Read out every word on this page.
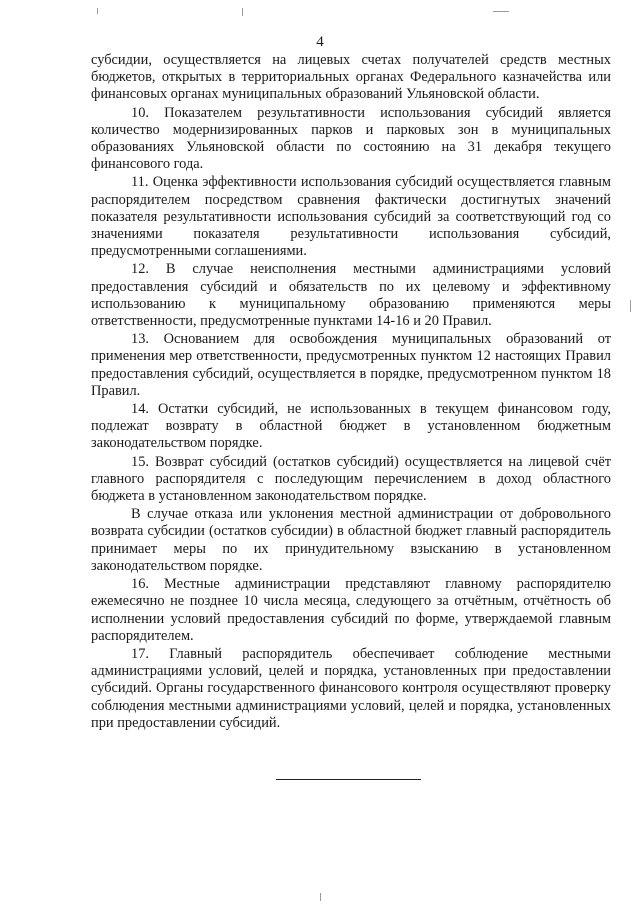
4

субсидии, осуществляется на лицевых счетах получателей средств местных бюджетов, открытых в территориальных органах Федерального казначейства или финансовых органах муниципальных образований Ульяновской области.

10. Показателем результативности использования субсидий является количество модернизированных парков и парковых зон в муниципальных образованиях Ульяновской области по состоянию на 31 декабря текущего финансового года.

11. Оценка эффективности использования субсидий осуществляется главным распорядителем посредством сравнения фактически достигнутых значений показателя результативности использования субсидий за соответствующий год со значениями показателя результативности использования субсидий, предусмотренными соглашениями.

12. В случае неисполнения местными администрациями условий предоставления субсидий и обязательств по их целевому и эффективному использованию к муниципальному образованию применяются меры ответственности, предусмотренные пунктами 14-16 и 20 Правил.

13. Основанием для освобождения муниципальных образований от применения мер ответственности, предусмотренных пунктом 12 настоящих Правил предоставления субсидий, осуществляется в порядке, предусмотренном пунктом 18 Правил.

14. Остатки субсидий, не использованных в текущем финансовом году, подлежат возврату в областной бюджет в установленном бюджетным законодательством порядке.

15. Возврат субсидий (остатков субсидий) осуществляется на лицевой счёт главного распорядителя с последующим перечислением в доход областного бюджета в установленном законодательством порядке.

В случае отказа или уклонения местной администрации от добровольного возврата субсидии (остатков субсидии) в областной бюджет главный распорядитель принимает меры по их принудительному взысканию в установленном законодательством порядке.

16. Местные администрации представляют главному распорядителю ежемесячно не позднее 10 числа месяца, следующего за отчётным, отчётность об исполнении условий предоставления субсидий по форме, утверждаемой главным распорядителем.

17. Главный распорядитель обеспечивает соблюдение местными администрациями условий, целей и порядка, установленных при предоставлении субсидий. Органы государственного финансового контроля осуществляют проверку соблюдения местными администрациями условий, целей и порядка, установленных при предоставлении субсидий.
